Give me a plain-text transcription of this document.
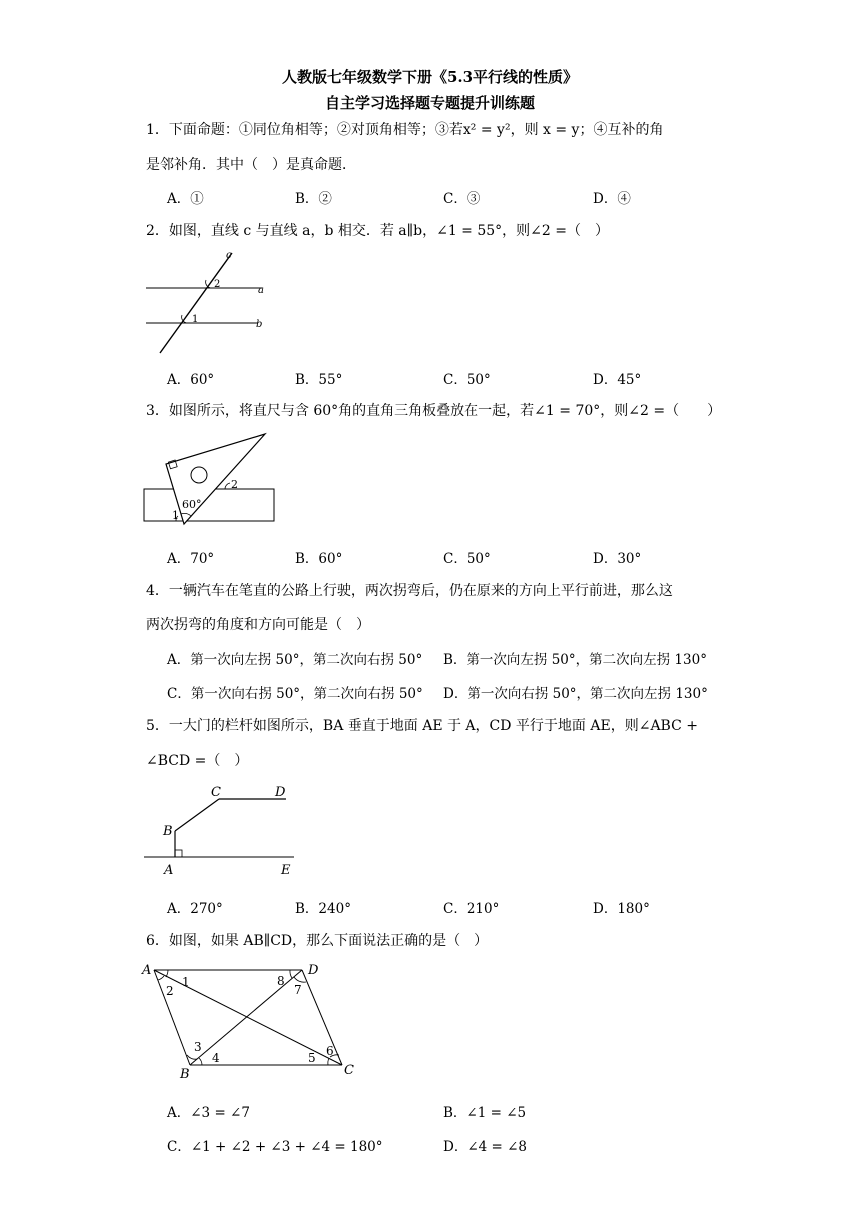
人教版七年级数学下册《5.3平行线的性质》
自主学习选择题专题提升训练题
1．下面命题：①同位角相等；②对顶角相等；③若x² = y²，则 x = y；④互补的角
是邻补角．其中（　）是真命题．
A．①	B．②	C．③	D．④
2．如图，直线 c 与直线 a，b 相交．若 a∥b，∠1 = 55°，则∠2 =（　）
c
a
b
2
1
A．60°	B．55°	C．50°	D．45°
3．如图所示，将直尺与含 60°角的直角三角板叠放在一起，若∠1 = 70°，则∠2 =（　　）
60°
1
2
A．70°	B．60°	C．50°	D．30°
4．一辆汽车在笔直的公路上行驶，两次拐弯后，仍在原来的方向上平行前进，那么这
两次拐弯的角度和方向可能是（　）
A．第一次向左拐 50°，第二次向右拐 50° B．第一次向左拐 50°，第二次向左拐 130°
C．第一次向右拐 50°，第二次向右拐 50° D．第一次向右拐 50°，第二次向左拐 130°
5．一大门的栏杆如图所示，BA 垂直于地面 AE 于 A，CD 平行于地面 AE，则∠ABC +
∠BCD =（　）
A
B
C	D
E
A．270°	B．240°	C．210°	D．180°
6．如图，如果 AB∥CD，那么下面说法正确的是（　）
A	D
B	C
1
2
3
4	5 6
7
8
A．∠3 = ∠7	B．∠1 = ∠5
C．∠1 + ∠2 + ∠3 + ∠4 = 180°	D．∠4 = ∠8
